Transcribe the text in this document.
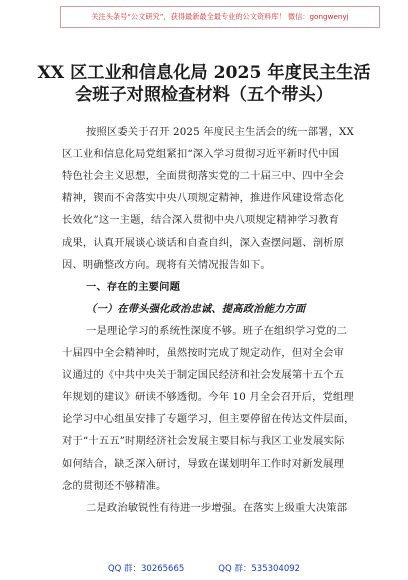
关注头条号“公文研究”，获得最新最全最专业的公文资料库！ 微信：gongwenyj
XX 区工业和信息化局 2025 年度民主生活
会班子对照检查材料（五个带头）
按照区委关于召开 2025 年度民主生活会的统一部署，XX
区工业和信息化局党组紧扣“深入学习贯彻习近平新时代中国
特色社会主义思想，全面贯彻落实党的二十届三中、四中全会
精神，锲而不舍落实中央八项规定精神，推进作风建设常态化
长效化”这一主题，结合深入贯彻中央八项规定精神学习教育
成果，认真开展谈心谈话和自查自纠，深入查摆问题、剖析原
因、明确整改方向。现将有关情况报告如下。
一、存在的主要问题
（一）在带头强化政治忠诚、提高政治能力方面
一是理论学习的系统性深度不够。班子在组织学习党的二
十届四中全会精神时，虽然按时完成了规定动作，但对全会审
议通过的《中共中央关于制定国民经济和社会发展第十五个五
年规划的建议》研读不够透彻。今年 10 月全会召开后，党组理
论学习中心组虽安排了专题学习，但主要停留在传达文件层面，
对于“十五五”时期经济社会发展主要目标与我区工业发展实际
如何结合，缺乏深入研讨，导致在谋划明年工作时对新发展理
念的贯彻还不够精准。
二是政治敏锐性有待进一步增强。在落实上级重大决策部
QQ 群：30265665	QQ 群：535304092
